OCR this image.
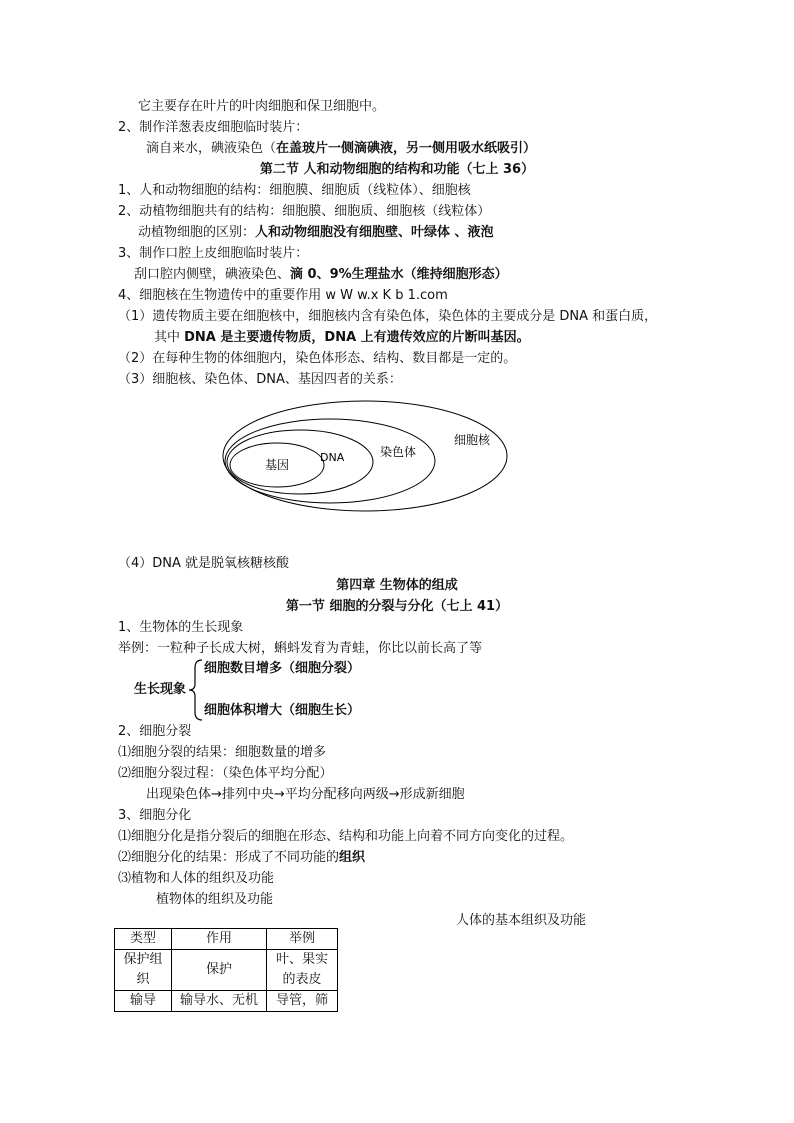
它主要存在叶片的叶肉细胞和保卫细胞中。
2、制作洋葱表皮细胞临时装片：
滴自来水，碘液染色（在盖玻片一侧滴碘液，另一侧用吸水纸吸引）
第二节 人和动物细胞的结构和功能（七上 36）
1、人和动物细胞的结构：细胞膜、细胞质（线粒体）、细胞核
2、动植物细胞共有的结构：细胞膜、细胞质、细胞核（线粒体）
动植物细胞的区别：人和动物细胞没有细胞壁、叶绿体 、液泡
3、制作口腔上皮细胞临时装片：
刮口腔内侧壁，碘液染色、滴 0、9%生理盐水（维持细胞形态）
4、细胞核在生物遗传中的重要作用 w W w.x K b 1.com
（1）遗传物质主要在细胞核中，细胞核内含有染色体，染色体的主要成分是 DNA 和蛋白质，
其中 DNA 是主要遗传物质，DNA 上有遗传效应的片断叫基因。
（2）在每种生物的体细胞内，染色体形态、结构、数目都是一定的。
（3）细胞核、染色体、DNA、基因四者的关系：
细胞核
染色体
DNA
基因
（4）DNA 就是脱氧核糖核酸
第四章 生物体的组成
第一节 细胞的分裂与分化（七上 41）
1、生物体的生长现象
举例：一粒种子长成大树，蝌蚪发育为青蛙，你比以前长高了等
生长现象
细胞数目增多（细胞分裂）
细胞体积增大（细胞生长）
2、细胞分裂
⑴细胞分裂的结果：细胞数量的增多
⑵细胞分裂过程：（染色体平均分配）
出现染色体→排列中央→平均分配移向两级→形成新细胞
3、细胞分化
⑴细胞分化是指分裂后的细胞在形态、结构和功能上向着不同方向变化的过程。
⑵细胞分化的结果：形成了不同功能的组织
⑶植物和人体的组织及功能
植物体的组织及功能
人体的基本组织及功能
类型	作用	举例
保护组织	保护	叶、果实的表皮
输导	输导水、无机	导管，筛
